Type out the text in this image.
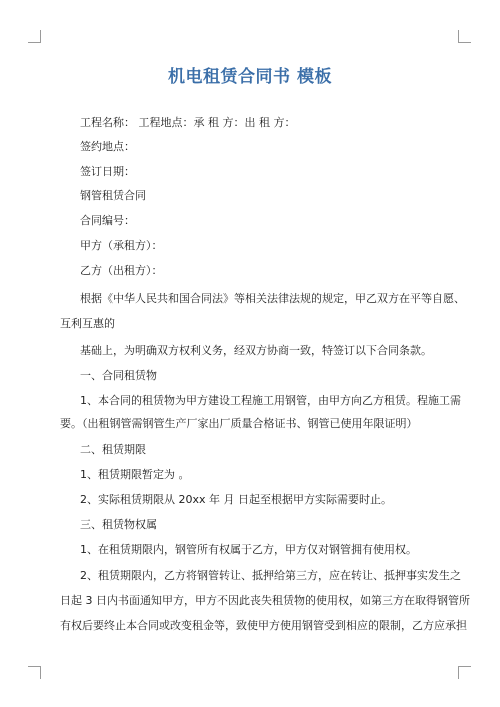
机电租赁合同书 模板
工程名称： 工程地点：承 租 方：出 租 方：
签约地点：
签订日期：
钢管租赁合同
合同编号：
甲方（承租方）：
乙方（出租方）：
根据《中华人民共和国合同法》等相关法律法规的规定，甲乙双方在平等自愿、
互利互惠的
基础上，为明确双方权利义务，经双方协商一致，特签订以下合同条款。
一、合同租赁物
1、本合同的租赁物为甲方建设工程施工用钢管，由甲方向乙方租赁。程施工需
要。（出租钢管需钢管生产厂家出厂质量合格证书、钢管已使用年限证明）
二、租赁期限
1、租赁期限暂定为 。
2、实际租赁期限从 20xx 年 月 日起至根据甲方实际需要时止。
三、租赁物权属
1、在租赁期限内，钢管所有权属于乙方，甲方仅对钢管拥有使用权。
2、租赁期限内，乙方将钢管转让、抵押给第三方，应在转让、抵押事实发生之
日起 3 日内书面通知甲方，甲方不因此丧失租赁物的使用权，如第三方在取得钢管所
有权后要终止本合同或改变租金等，致使甲方使用钢管受到相应的限制，乙方应承担
